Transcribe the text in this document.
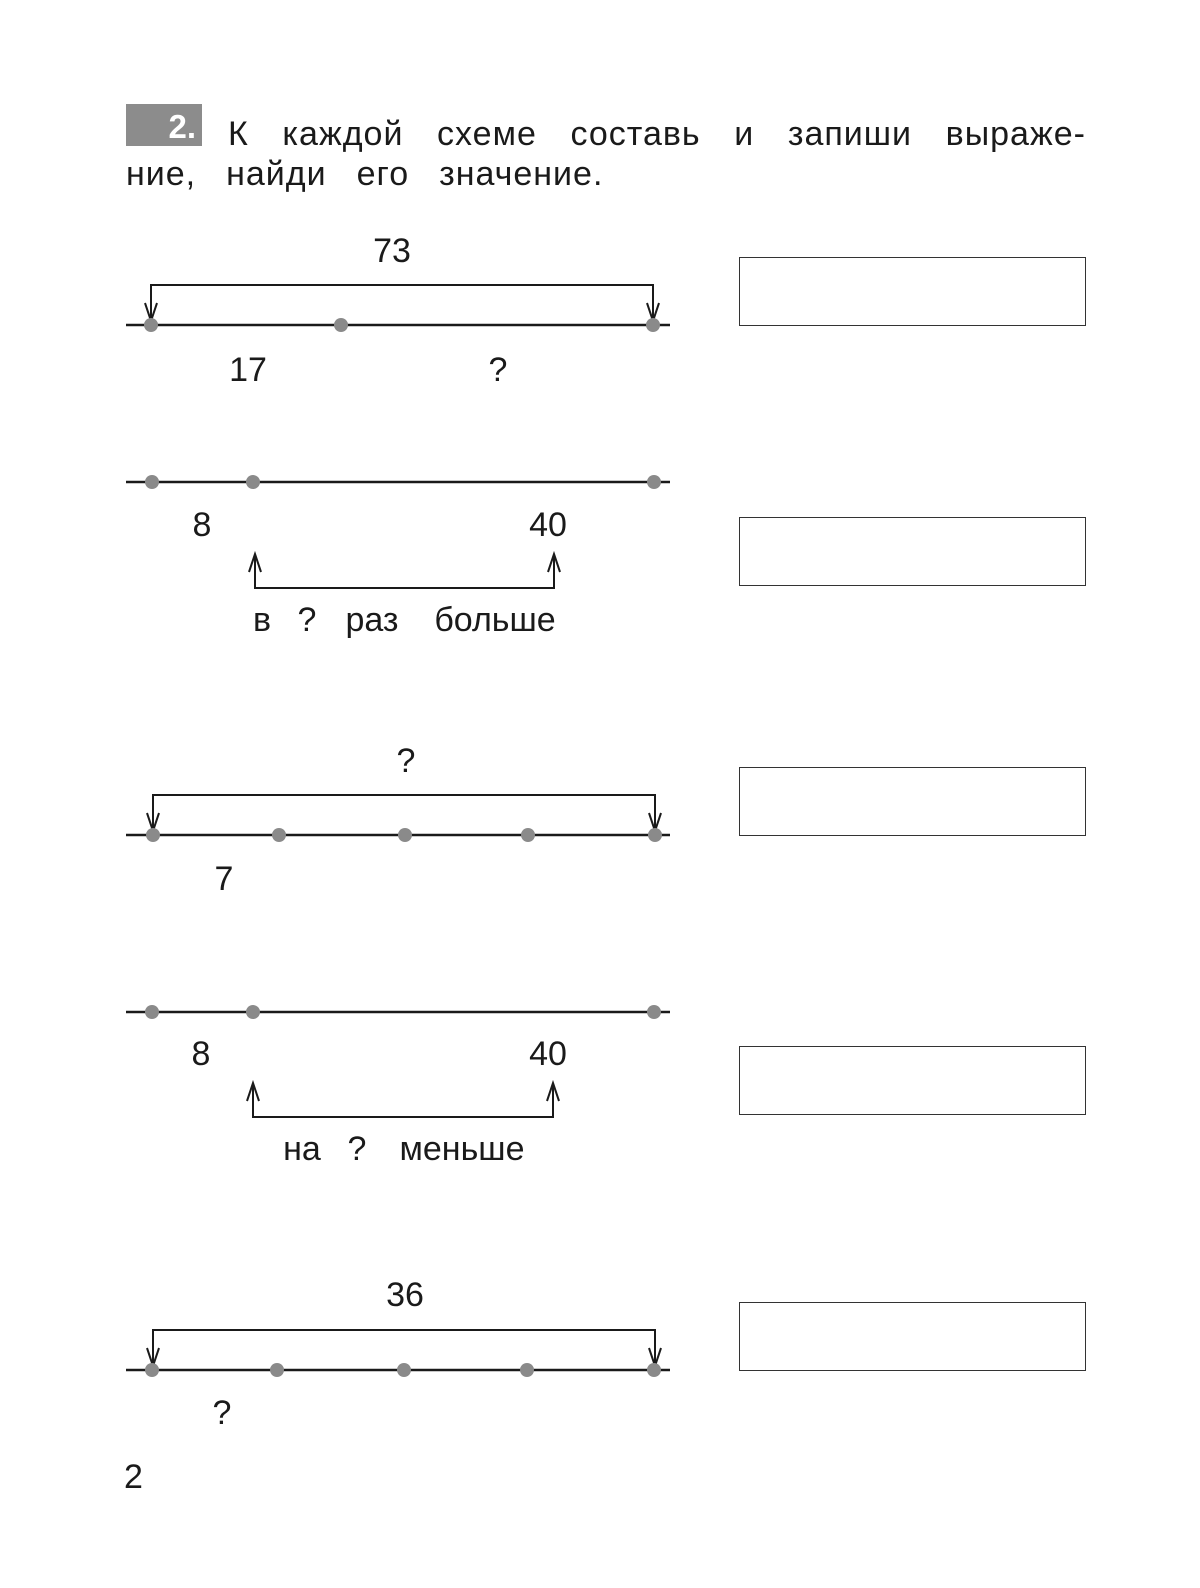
2. К каждой схеме составь и запиши выраже-
ние, найди его значение.
73
17	?
8	40
в ? раз больше
?
7
8	40
на ? меньше
36
?
2
